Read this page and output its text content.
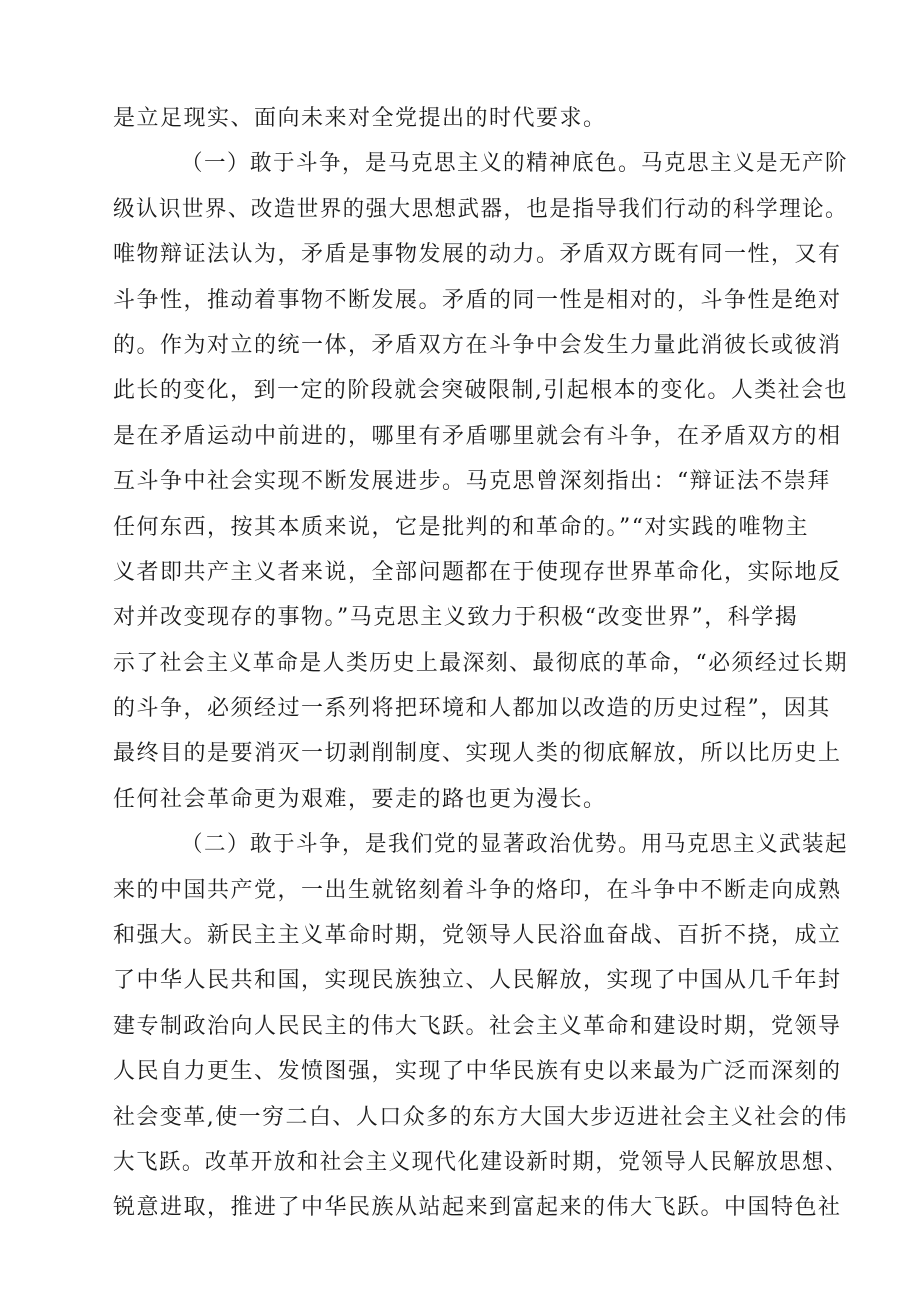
是立足现实、面向未来对全党提出的时代要求。
（一）敢于斗争，是马克思主义的精神底色。马克思主义是无产阶
级认识世界、改造世界的强大思想武器，也是指导我们行动的科学理论。
唯物辩证法认为，矛盾是事物发展的动力。矛盾双方既有同一性，又有
斗争性，推动着事物不断发展。矛盾的同一性是相对的，斗争性是绝对
的。作为对立的统一体，矛盾双方在斗争中会发生力量此消彼长或彼消
此长的变化，到一定的阶段就会突破限制,引起根本的变化。人类社会也
是在矛盾运动中前进的，哪里有矛盾哪里就会有斗争，在矛盾双方的相
互斗争中社会实现不断发展进步。马克思曾深刻指出：“辩证法不崇拜
任何东西，按其本质来说，它是批判的和革命的。”“对实践的唯物主
义者即共产主义者来说，全部问题都在于使现存世界革命化，实际地反
对并改变现存的事物。”马克思主义致力于积极“改变世界”，科学揭
示了社会主义革命是人类历史上最深刻、最彻底的革命，“必须经过长期
的斗争，必须经过一系列将把环境和人都加以改造的历史过程”，因其
最终目的是要消灭一切剥削制度、实现人类的彻底解放，所以比历史上
任何社会革命更为艰难，要走的路也更为漫长。
（二）敢于斗争，是我们党的显著政治优势。用马克思主义武装起
来的中国共产党，一出生就铭刻着斗争的烙印，在斗争中不断走向成熟
和强大。新民主主义革命时期，党领导人民浴血奋战、百折不挠，成立
了中华人民共和国，实现民族独立、人民解放，实现了中国从几千年封
建专制政治向人民民主的伟大飞跃。社会主义革命和建设时期，党领导
人民自力更生、发愤图强，实现了中华民族有史以来最为广泛而深刻的
社会变革,使一穷二白、人口众多的东方大国大步迈进社会主义社会的伟
大飞跃。改革开放和社会主义现代化建设新时期，党领导人民解放思想、
锐意进取，推进了中华民族从站起来到富起来的伟大飞跃。中国特色社
